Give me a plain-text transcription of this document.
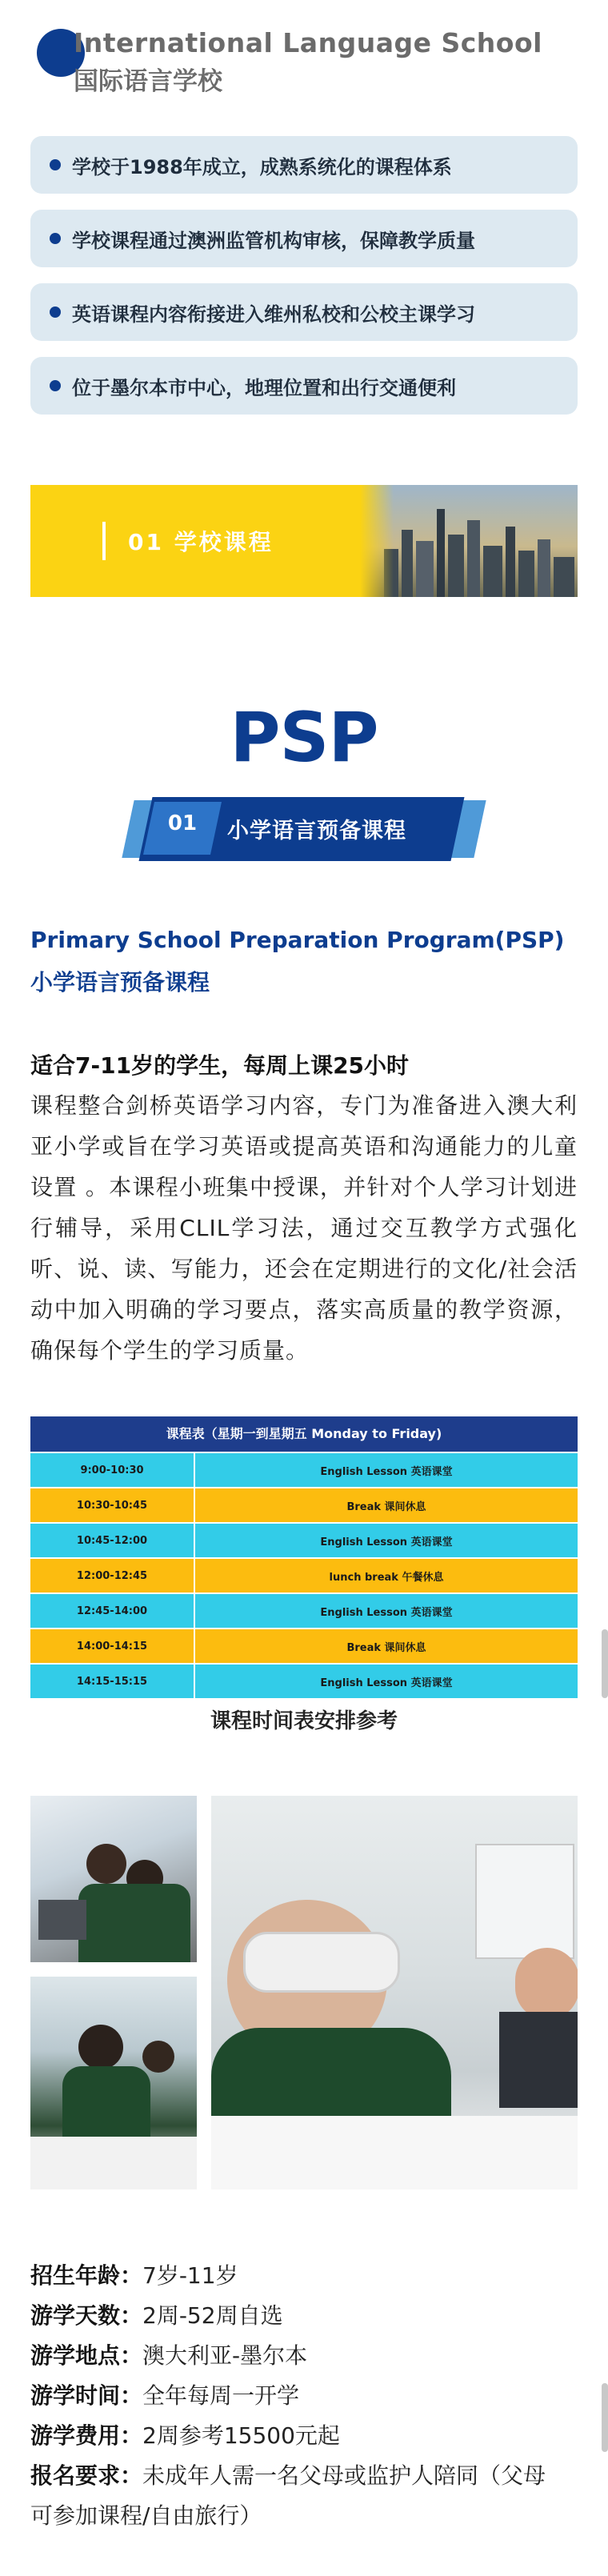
International Language School
国际语言学校
学校于1988年成立，成熟系统化的课程体系
学校课程通过澳洲监管机构审核，保障教学质量
英语课程内容衔接进入维州私校和公校主课学习
位于墨尔本市中心，地理位置和出行交通便利
01 学校课程
PSP
01	小学语言预备课程
Primary School Preparation Program(PSP)
小学语言预备课程
适合7-11岁的学生，每周上课25小时
课程整合剑桥英语学习内容，专门为准备进入澳大利亚小学或旨在学习英语或提高英语和沟通能力的儿童设置 。本课程小班集中授课，并针对个人学习计划进行辅导，采用CLIL学习法，通过交互教学方式强化听、说、读、写能力，还会在定期进行的文化/社会活动中加入明确的学习要点，落实高质量的教学资源，确保每个学生的学习质量。
课程表（星期一到星期五 Monday to Friday)
9:00-10:30	English Lesson 英语课堂
10:30-10:45	Break 课间休息
10:45-12:00	English Lesson 英语课堂
12:00-12:45	lunch break 午餐休息
12:45-14:00	English Lesson 英语课堂
14:00-14:15	Break 课间休息
14:15-15:15	English Lesson 英语课堂
课程时间表安排参考
招生年龄：7岁-11岁
游学天数：2周-52周自选
游学地点：澳大利亚-墨尔本
游学时间：全年每周一开学
游学费用：2周参考15500元起
报名要求：未成年人需一名父母或监护人陪同（父母
可参加课程/自由旅行）
